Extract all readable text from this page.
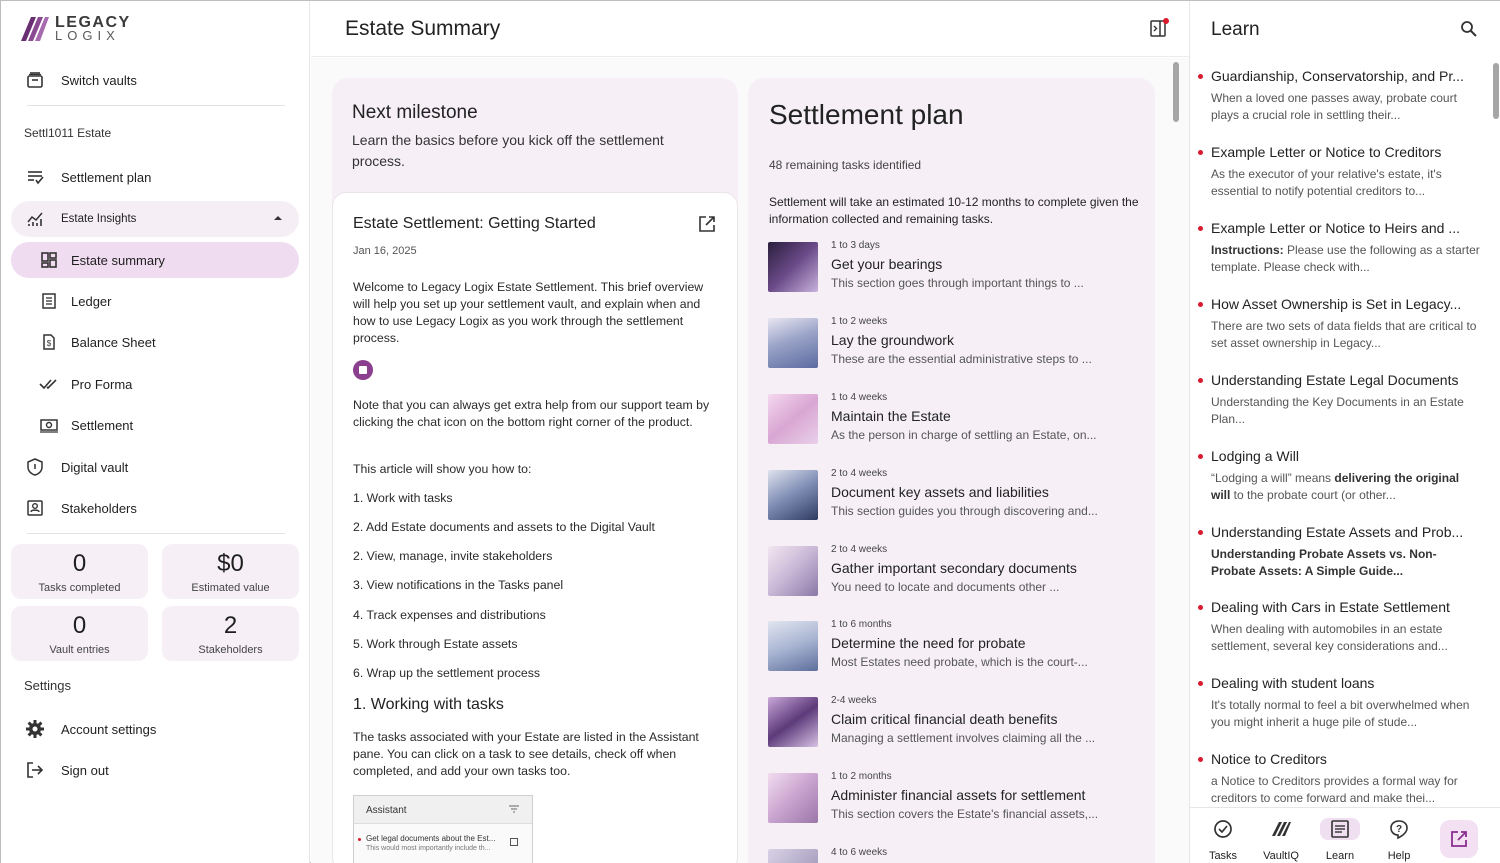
LEGACY
LOGIX
Switch vaults
Settl1011 Estate
Settlement plan
Estate Insights
Estate summary
Ledger
$ Balance Sheet
Pro Forma
Settlement
Digital vault
Stakeholders
0
Tasks completed
$0
Estimated value
0
Vault entries
2
Stakeholders
Settings
Account settings
Sign out
Estate Summary
Next milestone
Learn the basics before you kick off the settlement process.
Estate Settlement: Getting Started
Jan 16, 2025
Welcome to Legacy Logix Estate Settlement. This brief overview will help you set up your settlement vault, and explain when and how to use Legacy Logix as you work through the settlement process.
Note that you can always get extra help from our support team by clicking the chat icon on the bottom right corner of the product.
This article will show you how to:
1. Work with tasks
2. Add Estate documents and assets to the Digital Vault
2. View, manage, invite stakeholders
3. View notifications in the Tasks panel
4. Track expenses and distributions
5. Work through Estate assets
6. Wrap up the settlement process
1. Working with tasks
The tasks associated with your Estate are listed in the Assistant pane. You can click on a task to see details, check off when completed, and add your own tasks too.
Assistant
Get legal documents about the Est...
This would most importantly include th...
Settlement plan
48 remaining tasks identified
Settlement will take an estimated 10-12 months to complete given the information collected and remaining tasks.
1 to 3 days
Get your bearings
This section goes through important things to ...
1 to 2 weeks
Lay the groundwork
These are the essential administrative steps to ...
1 to 4 weeks
Maintain the Estate
As the person in charge of settling an Estate, on...
2 to 4 weeks
Document key assets and liabilities
This section guides you through discovering and...
2 to 4 weeks
Gather important secondary documents
You need to locate and documents other ...
1 to 6 months
Determine the need for probate
Most Estates need probate, which is the court-...
2-4 weeks
Claim critical financial death benefits
Managing a settlement involves claiming all the ...
1 to 2 months
Administer financial assets for settlement
This section covers the Estate's financial assets,...
4 to 6 weeks
Learn
Guardianship, Conservatorship, and Pr...
When a loved one passes away, probate court plays a crucial role in settling their...
Example Letter or Notice to Creditors
As the executor of your relative's estate, it's essential to notify potential creditors to...
Example Letter or Notice to Heirs and ...
Instructions: Please use the following as a starter template. Please check with...
How Asset Ownership is Set in Legacy...
There are two sets of data fields that are critical to set asset ownership in Legacy...
Understanding Estate Legal Documents
Understanding the Key Documents in an Estate Plan...
Lodging a Will
“Lodging a will” means delivering the original will to the probate court (or other...
Understanding Estate Assets and Prob...
Understanding Probate Assets vs. Non-Probate Assets: A Simple Guide...
Dealing with Cars in Estate Settlement
When dealing with automobiles in an estate settlement, several key considerations and...
Dealing with student loans
It's totally normal to feel a bit overwhelmed when you might inherit a huge pile of stude...
Notice to Creditors
a Notice to Creditors provides a formal way for creditors to come forward and make thei...
Tasks	VaultIQ	Learn
?
Help
